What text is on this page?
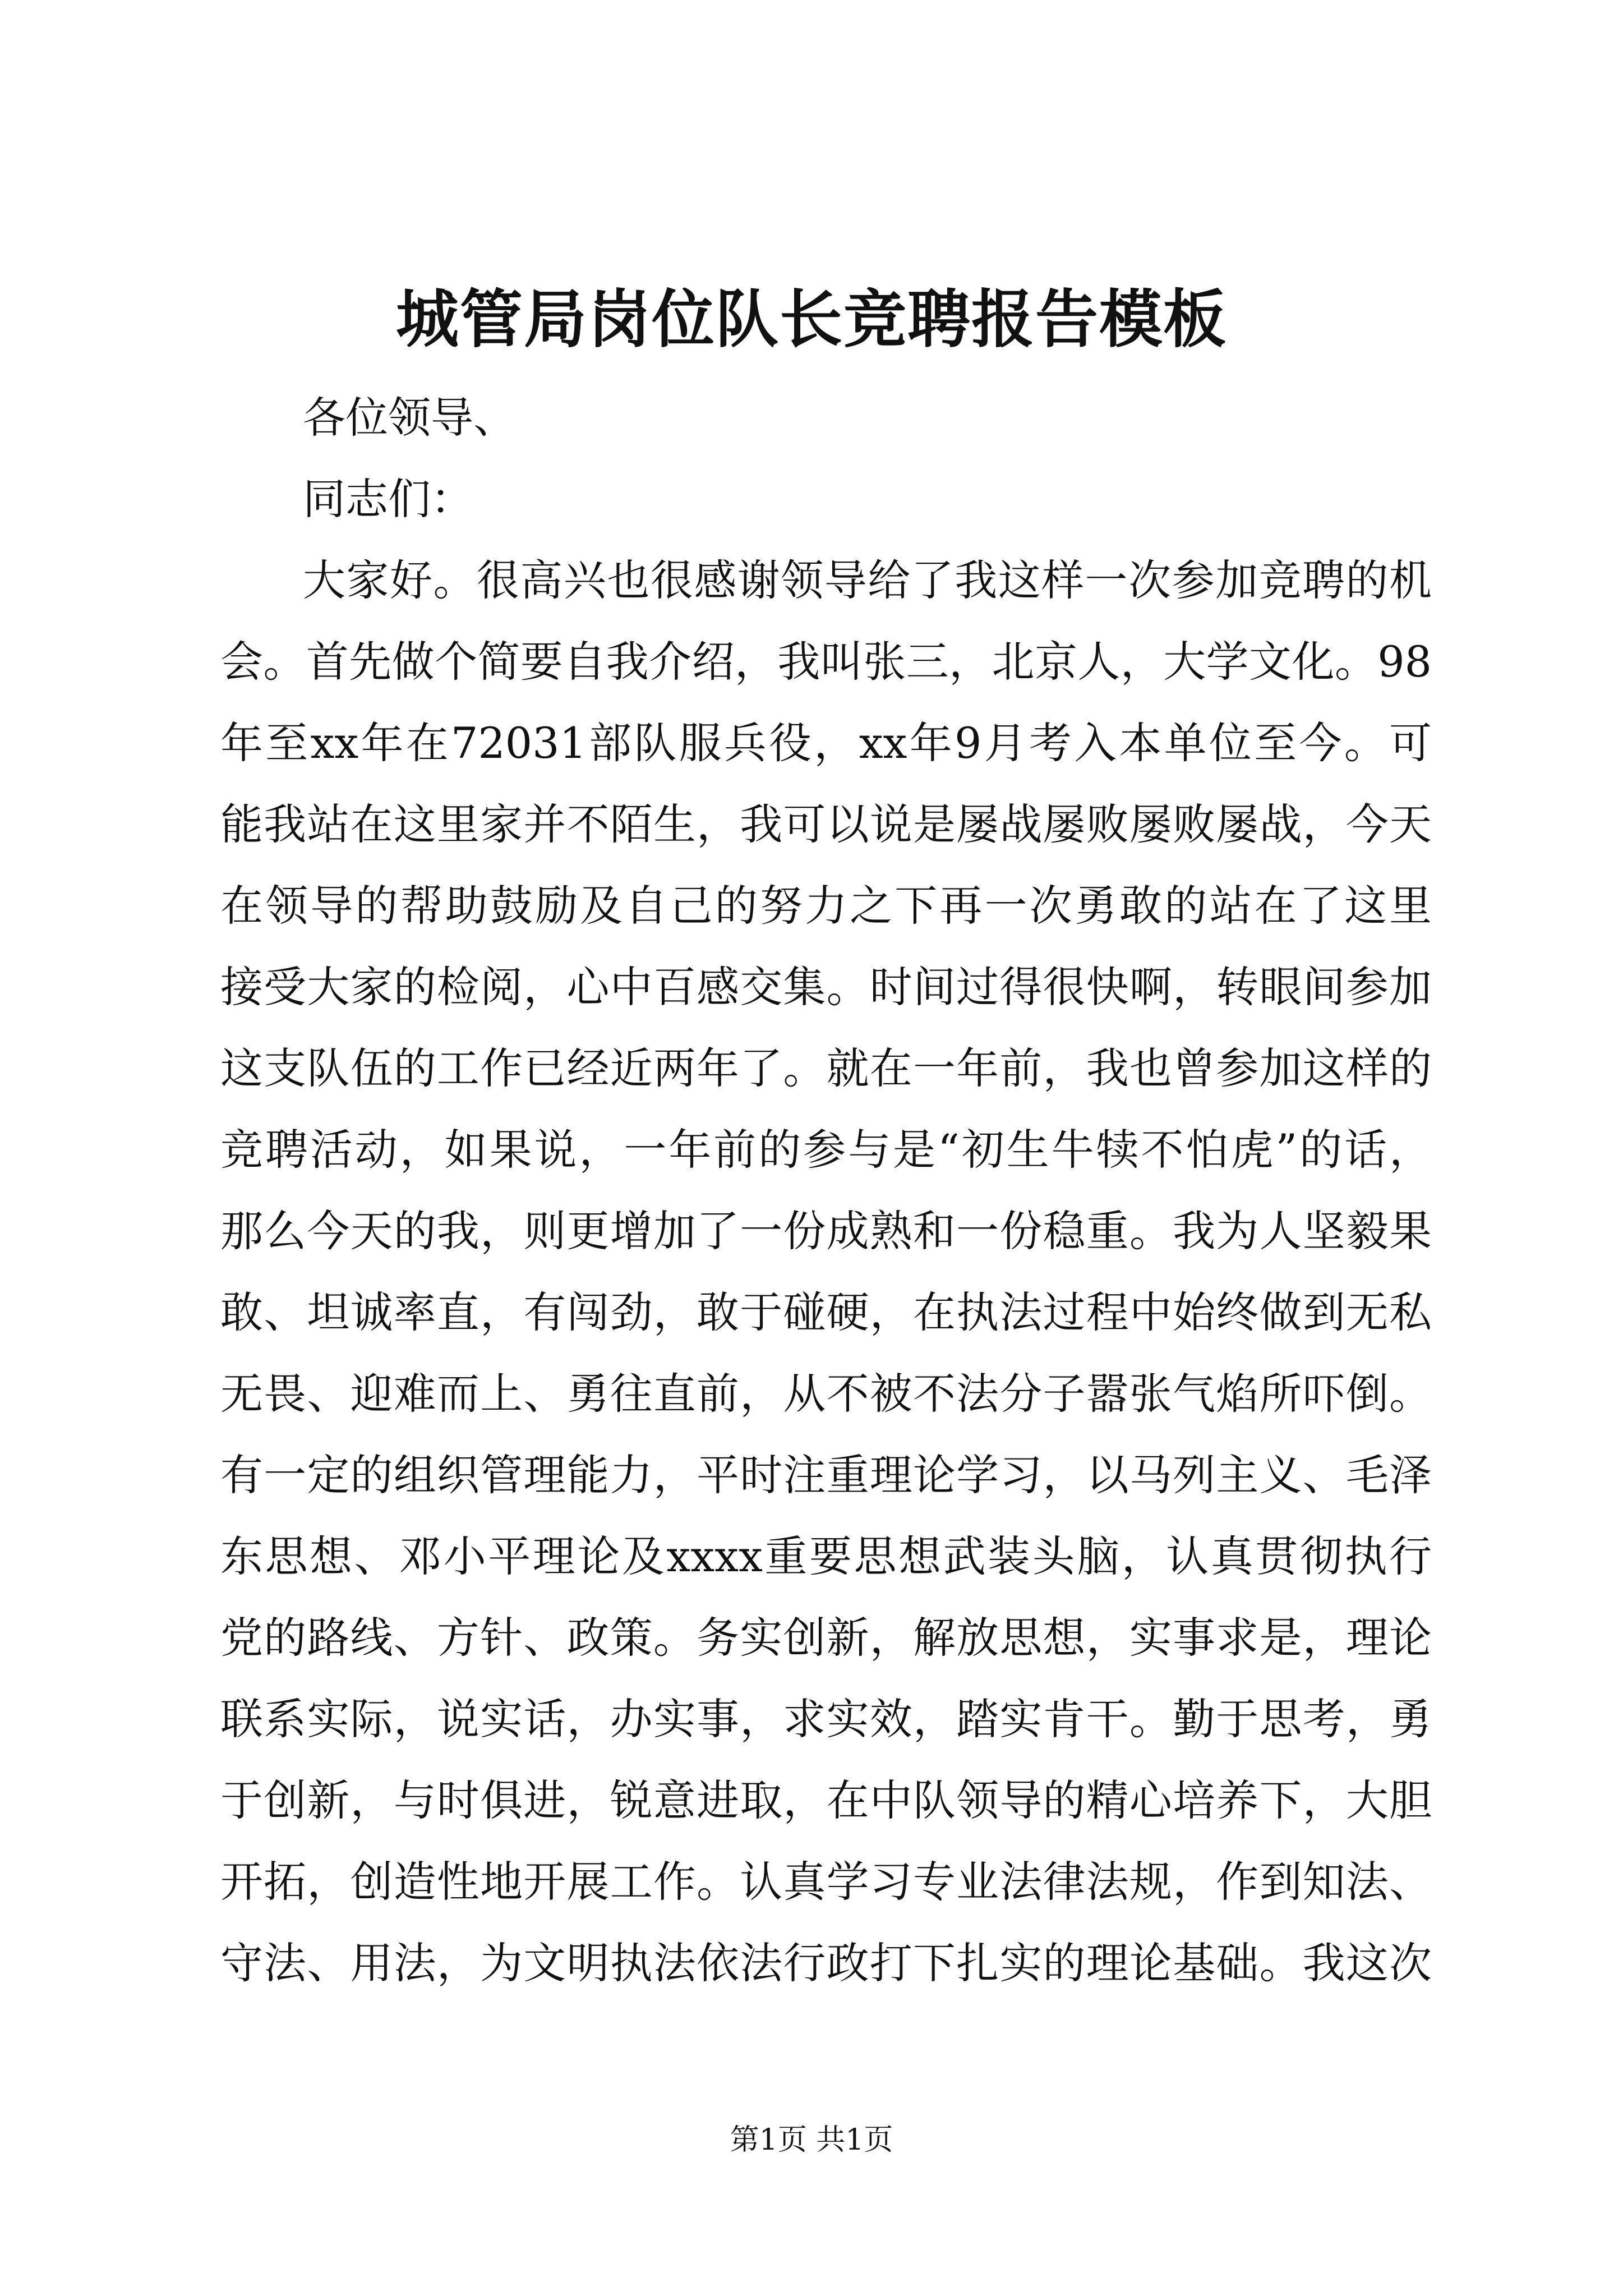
城管局岗位队长竞聘报告模板
各位领导、
同志们：
大家好。很高兴也很感谢领导给了我这样一次参加竞聘的机
会。首先做个简要自我介绍，我叫张三，北京人，大学文化。98
年至xx年在72031部队服兵役，xx年9月考入本单位至今。可
能我站在这里家并不陌生，我可以说是屡战屡败屡败屡战，今天
在领导的帮助鼓励及自己的努力之下再一次勇敢的站在了这里
接受大家的检阅，心中百感交集。时间过得很快啊，转眼间参加
这支队伍的工作已经近两年了。就在一年前，我也曾参加这样的
竞聘活动，如果说，一年前的参与是“初生牛犊不怕虎”的话，
那么今天的我，则更增加了一份成熟和一份稳重。我为人坚毅果
敢、坦诚率直，有闯劲，敢于碰硬，在执法过程中始终做到无私
无畏、迎难而上、勇往直前，从不被不法分子嚣张气焰所吓倒。
有一定的组织管理能力，平时注重理论学习，以马列主义、毛泽
东思想、邓小平理论及xxxx重要思想武装头脑，认真贯彻执行
党的路线、方针、政策。务实创新，解放思想，实事求是，理论
联系实际，说实话，办实事，求实效，踏实肯干。勤于思考，勇
于创新，与时俱进，锐意进取，在中队领导的精心培养下，大胆
开拓，创造性地开展工作。认真学习专业法律法规，作到知法、
守法、用法，为文明执法依法行政打下扎实的理论基础。我这次
第1页 共1页
